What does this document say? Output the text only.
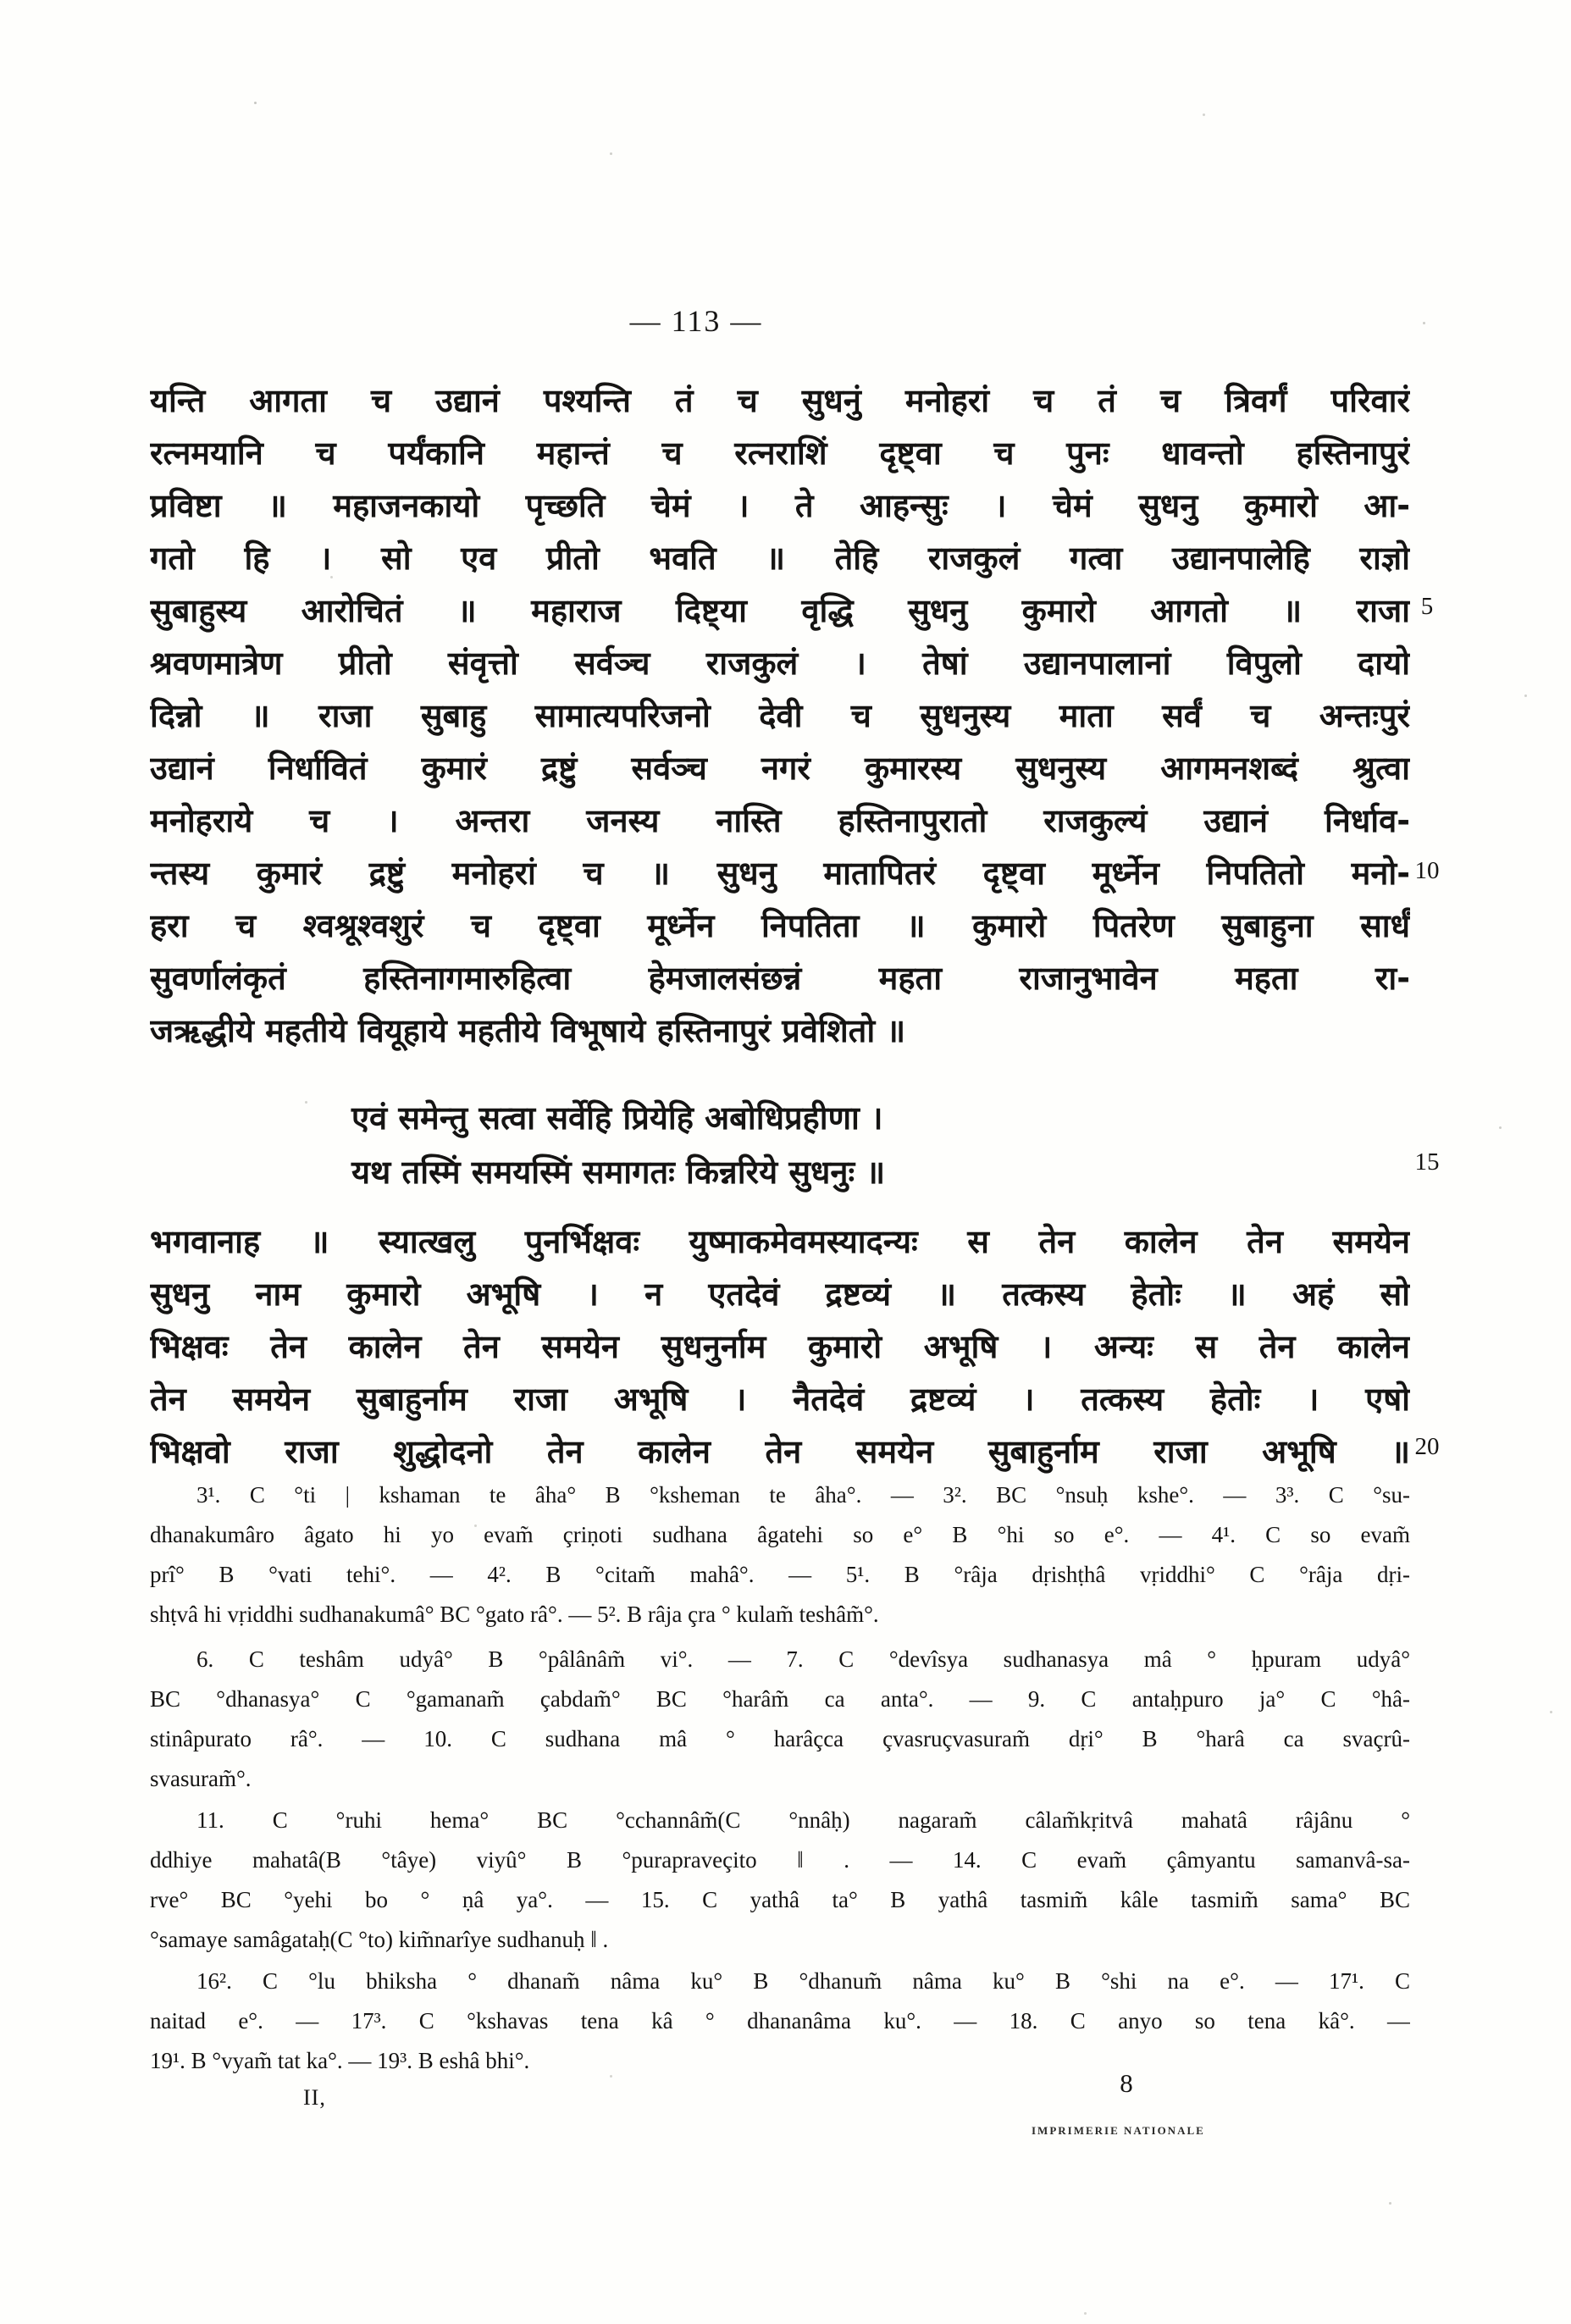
— 113 —
यन्ति आगता च उद्यानं पश्यन्ति तं च सुधनुं मनोहरां च तं च त्रिवर्गं परिवारं
रत्नमयानि च पर्यंकानि महान्तं च रत्नराशिं दृष्ट्वा च पुनः धावन्तो हस्तिनापुरं
प्रविष्टा ॥ महाजनकायो पृच्छति चेमं । ते आहन्सुः । चेमं सुधनु कुमारो आ-
गतो हि । सो एव प्रीतो भवति ॥ तेहि राजकुलं गत्वा उद्यानपालेहि राज्ञो
सुबाहुस्य आरोचितं ॥ महाराज दिष्ट्या वृद्धि सुधनु कुमारो आगतो ॥ राजा
श्रवणमात्रेण प्रीतो संवृत्तो सर्वञ्च राजकुलं । तेषां उद्यानपालानां विपुलो दायो
दिन्नो ॥ राजा सुबाहु सामात्यपरिजनो देवी च सुधनुस्य माता सर्वं च अन्तःपुरं
उद्यानं निर्धावितं कुमारं द्रष्टुं सर्वञ्च नगरं कुमारस्य सुधनुस्य आगमनशब्दं श्रुत्वा
मनोहराये च । अन्तरा जनस्य नास्ति हस्तिनापुरातो राजकुल्यं उद्यानं निर्धाव-
न्तस्य कुमारं द्रष्टुं मनोहरां च ॥ सुधनु मातापितरं दृष्ट्वा मूर्ध्नेन निपतितो मनो-
हरा च श्वश्रूश्वशुरं च दृष्ट्वा मूर्ध्नेन निपतिता ॥ कुमारो पितरेण सुबाहुना सार्धं
सुवर्णालंकृतं हस्तिनागमारुहित्वा हेमजालसंछन्नं महता राजानुभावेन महता रा-
जऋद्धीये महतीये वियूहाये महतीये विभूषाये हस्तिनापुरं प्रवेशितो ॥
एवं समेन्तु सत्वा सर्वेहि प्रियेहि अबोधिप्रहीणा ।
यथ तस्मिं समयस्मिं समागतः किन्नरिये सुधनुः ॥
भगवानाह ॥ स्यात्खलु पुनर्भिक्षवः युष्माकमेवमस्यादन्यः स तेन कालेन तेन समयेन
सुधनु नाम कुमारो अभूषि । न एतदेवं द्रष्टव्यं ॥ तत्कस्य हेतोः ॥ अहं सो
भिक्षवः तेन कालेन तेन समयेन सुधनुर्नाम कुमारो अभूषि । अन्यः स तेन कालेन
तेन समयेन सुबाहुर्नाम राजा अभूषि । नैतदेवं द्रष्टव्यं । तत्कस्य हेतोः । एषो
भिक्षवो राजा शुद्धोदनो तेन कालेन तेन समयेन सुबाहुर्नाम राजा अभूषि ॥
5
10
15
20
3¹. C °ti | kshaman te âha° B °ksheman te âha°. — 3². BC °nsuḥ kshe°. — 3³. C °su-
dhanakumâro âgato hi yo evam̃ çriṇoti sudhana âgatehi so e° B °hi so e°. — 4¹. C so evam̃
prî° B °vati tehi°. — 4². B °citam̃ mahâ°. — 5¹. B °râja dṛishṭhâ vṛiddhi° C °râja dṛi-
shṭvâ hi vṛiddhi sudhanakumâ° BC °gato râ°. — 5². B râja çra ° kulam̃ teshâm̃°.
6. C teshâm udyâ° B °pâlânâm̃ vi°. — 7. C °devîsya sudhanasya mâ ° ḥpuram udyâ°
BC °dhanasya° C °gamanam̃ çabdam̃° BC °harâm̃ ca anta°. — 9. C antaḥpuro ja° C °hâ-
stinâpurato râ°. — 10. C sudhana mâ ° harâçca çvasruçvasuram̃ dṛi° B °harâ ca svaçrû-
svasuram̃°.
11. C °ruhi hema° BC °cchannâm̃(C °nnâḥ) nagaram̃ câlam̃kṛitvâ mahatâ râjânu °
ddhiye mahatâ(B °tâye) viyû° B °purapraveçito ‖ . — 14. C evam̃ çâmyantu samanvâ-sa-
rve° BC °yehi bo ° ṇâ ya°. — 15. C yathâ ta° B yathâ tasmim̃ kâle tasmim̃ sama° BC
°samaye samâgataḥ(C °to) kim̃narîye sudhanuḥ ‖ .
16². C °lu bhiksha ° dhanam̃ nâma ku° B °dhanum̃ nâma ku° B °shi na e°. — 17¹. C
naitad e°. — 17³. C °kshavas tena kâ ° dhananâma ku°. — 18. C anyo so tena kâ°. —
19¹. B °vyam̃ tat ka°. — 19³. B eshâ bhi°.
II,	8
IMPRIMERIE NATIONALE
